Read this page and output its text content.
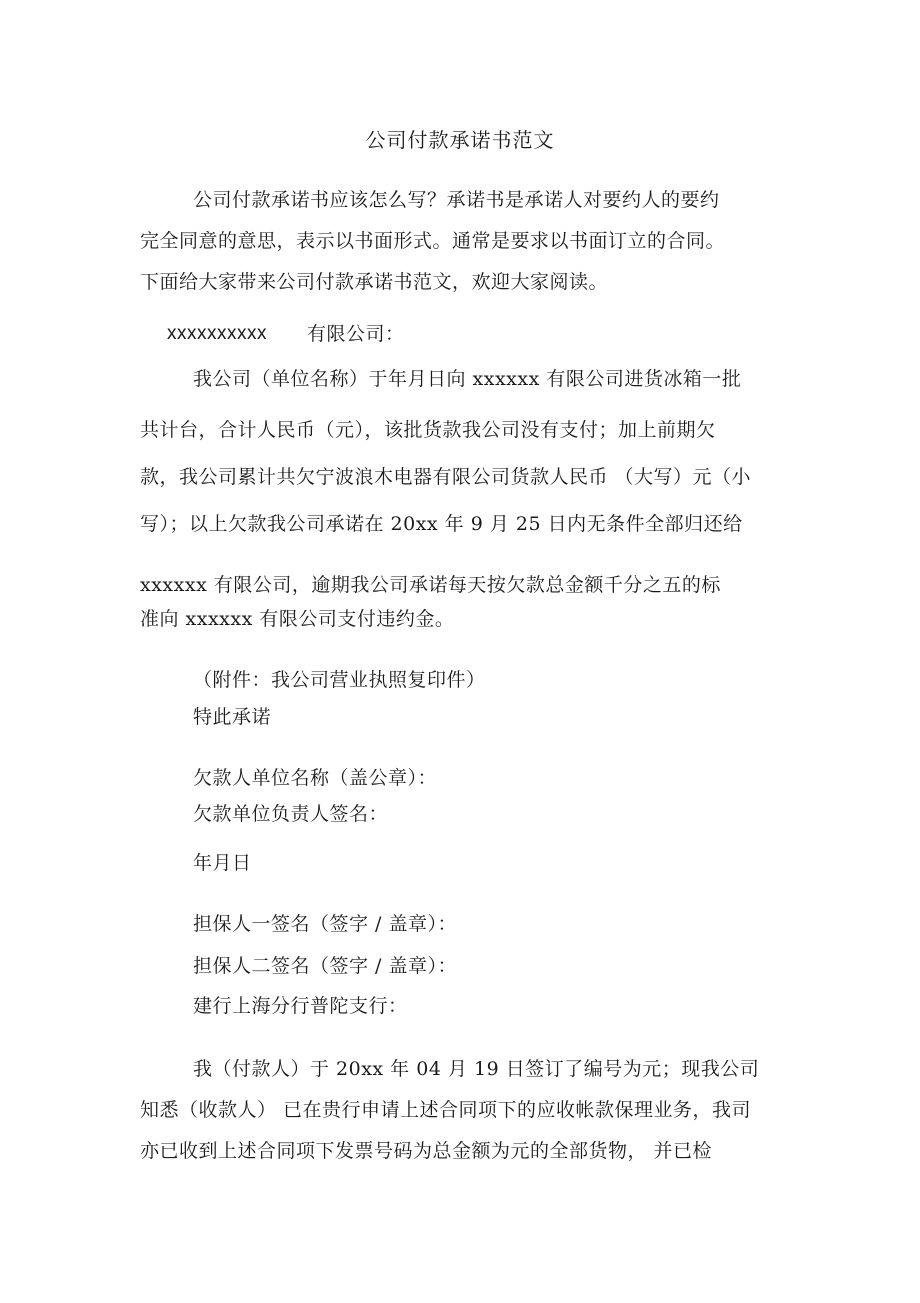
公司付款承诺书范文
公司付款承诺书应该怎么写？承诺书是承诺人对要约人的要约
完全同意的意思，表示以书面形式。通常是要求以书面订立的合同。
下面给大家带来公司付款承诺书范文，欢迎大家阅读。
xxxxxxxxxx 有限公司：
我公司（单位名称）于年月日向 xxxxxx 有限公司进货冰箱一批
共计台，合计人民币（元），该批货款我公司没有支付；加上前期欠
款，我公司累计共欠宁波浪木电器有限公司货款人民币 （大写）元（小
写）；以上欠款我公司承诺在 20xx 年 9 月 25 日内无条件全部归还给
xxxxxx 有限公司，逾期我公司承诺每天按欠款总金额千分之五的标
准向 xxxxxx 有限公司支付违约金。
（附件：我公司营业执照复印件）
特此承诺
欠款人单位名称（盖公章）：
欠款单位负责人签名：
年月日
担保人一签名（签字 / 盖章）：
担保人二签名（签字 / 盖章）：
建行上海分行普陀支行：
我（付款人）于 20xx 年 04 月 19 日签订了编号为元；现我公司
知悉（收款人） 已在贵行申请上述合同项下的应收帐款保理业务，我司
亦已收到上述合同项下发票号码为总金额为元的全部货物， 并已检
